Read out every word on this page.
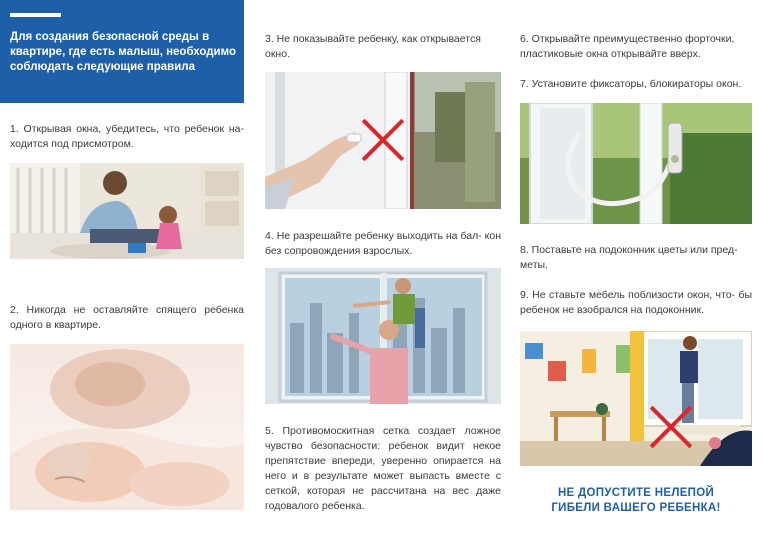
Для создания безопасной среды в квартире, где есть малыш, необходимо соблюдать следующие правила
1. Открывая окна, убедитесь, что ребенок на- ходится под присмотром.
2. Никогда не оставляйте спящего ребенка одного в квартире.
3. Не показывайте ребенку, как открывается окно.
4. Не разрешайте ребенку выходить на бал- кон без сопровождения взрослых.
5. Противомоскитная сетка создает ложное чувство безопасности: ребенок видит некое препятствие впереди, уверенно опирается на него и в результате может выпасть вместе с сеткой, которая не рассчитана на вес даже годовалого ребенка.
6. Открывайте преимущественно форточки, пластиковые окна открывайте вверх.
7. Установите фиксаторы, блокираторы окон.
8. Поставьте на подоконник цветы или пред- меты.
9. Не ставьте мебель поблизости окон, что- бы ребенок не взобрался на подоконник.
НЕ ДОПУСТИТЕ НЕЛЕПОЙ
ГИБЕЛИ ВАШЕГО РЕБЕНКА!
